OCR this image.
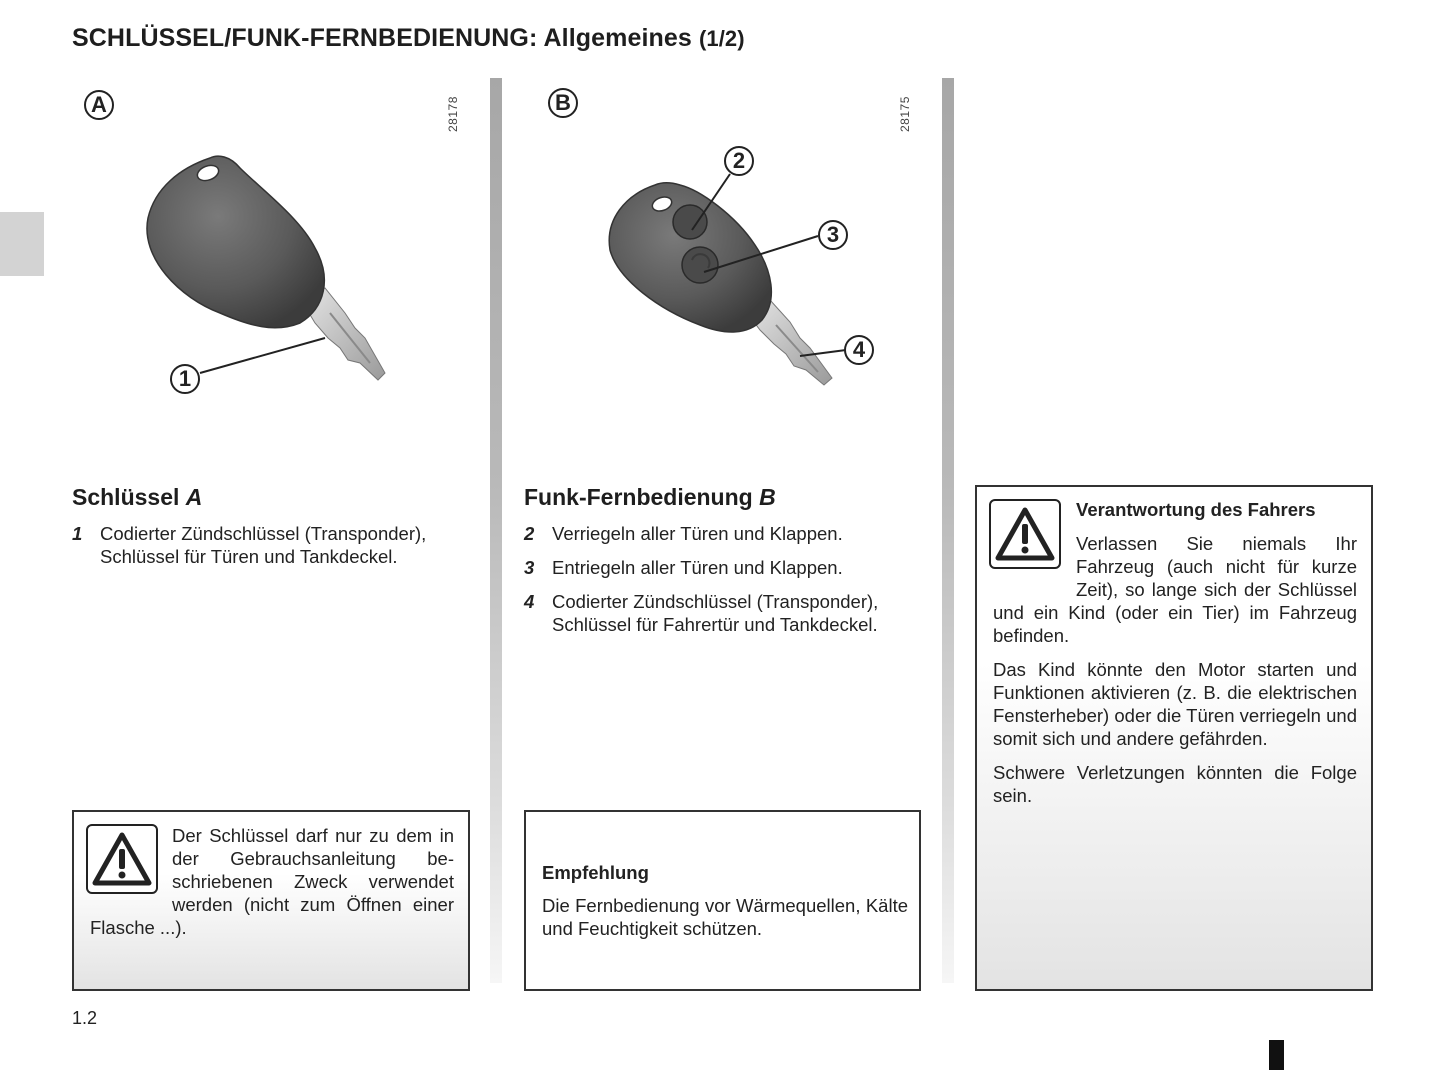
SCHLÜSSEL/FUNK-FERNBEDIENUNG: Allgemeines (1/2)
A	28178
1
B	28175
2
3
4
Schlüssel A
1 Codierter Zündschlüssel (Transponder), Schlüssel für Türen und Tankdeckel.
Funk-Fernbedienung B
2 Verriegeln aller Türen und Klappen.
3 Entriegeln aller Türen und Klappen.
4 Codierter Zündschlüssel (Transponder), Schlüssel für Fahrertür und Tankdeckel.
Der Schlüssel darf nur zu dem in der Gebrauchsanleitung beschriebenen Zweck verwendet werden (nicht zum Öffnen einer Flasche ...).

Empfehlung

Die Fernbedienung vor Wärmequellen, Kälte und Feuchtigkeit schützen.

Verantwortung des Fahrers

Verlassen Sie niemals Ihr Fahrzeug (auch nicht für kurze Zeit), so lange sich der Schlüssel und ein Kind (oder ein Tier) im Fahrzeug befinden.

Das Kind könnte den Motor starten und Funktionen aktivieren (z. B. die elektrischen Fensterheber) oder die Türen verriegeln und somit sich und andere gefährden.

Schwere Verletzungen könnten die Folge sein.

1.2
